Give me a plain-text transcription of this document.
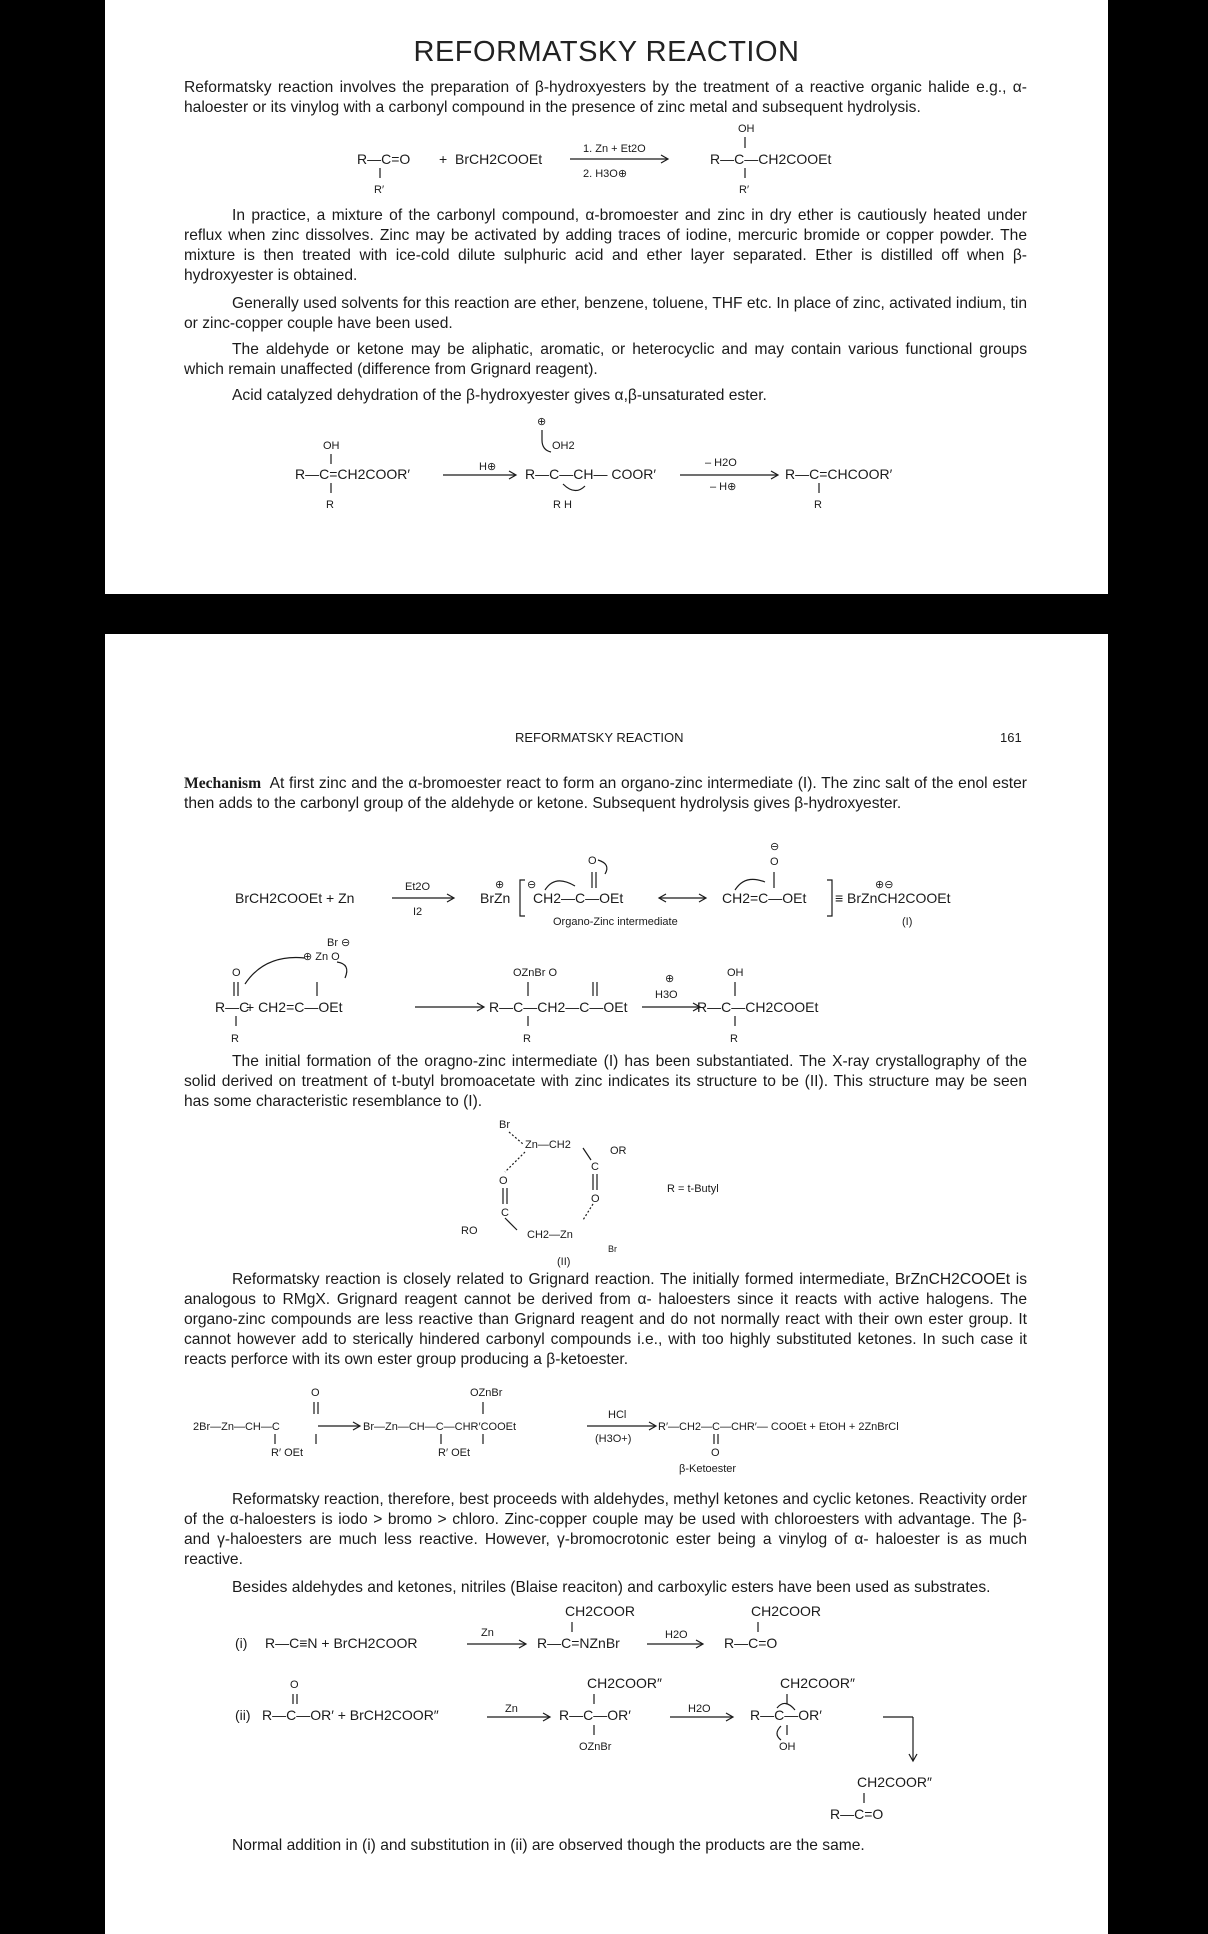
REFORMATSKY REACTION

Reformatsky reaction involves the preparation of β-hydroxyesters by the treatment of a reactive organic halide e.g., α-haloester or its vinylog with a carbonyl compound in the presence of zinc metal and subsequent hydrolysis.

R—C=O
R′
+ BrCH2COOEt
1. Zn + Et2O
2. H3O⊕
OH
R—C—CH2COOEt
R′

In practice, a mixture of the carbonyl compound, α-bromoester and zinc in dry ether is cautiously heated under reflux when zinc dissolves. Zinc may be activated by adding traces of iodine, mercuric bromide or copper powder. The mixture is then treated with ice-cold dilute sulphuric acid and ether layer separated. Ether is distilled off when β-hydroxyester is obtained.

Generally used solvents for this reaction are ether, benzene, toluene, THF etc. In place of zinc, activated indium, tin or zinc-copper couple have been used.

The aldehyde or ketone may be aliphatic, aromatic, or heterocyclic and may contain various functional groups which remain unaffected (difference from Grignard reagent).

Acid catalyzed dehydration of the β-hydroxyester gives α,β-unsaturated ester.

OH
R—C=CH2COOR′
R
H⊕
⊕
OH2
R—C—CH— COOR′
R H
– H2O
– H⊕
R—C=CHCOOR′
R
REFORMATSKY REACTION	161

Mechanism At first zinc and the α-bromoester react to form an organo-zinc intermediate (I). The zinc salt of the enol ester then adds to the carbonyl group of the aldehyde or ketone. Subsequent hydrolysis gives β-hydroxyester.

BrCH2COOEt + Zn
Et2O
I2
⊕
BrZn
⊖
O
CH2—C—OEt
⊖
O
CH2=C—OEt
⊕⊖
≡ BrZnCH2COOEt
Organo-Zinc intermediate	(I)
Br ⊖
⊕ Zn O
O
R—C
R
+ CH2=C—OEt
OZnBr O
R—C—CH2—C—OEt
R
⊕
H3O
OH
R—C—CH2COOEt
R

The initial formation of the oragno-zinc intermediate (I) has been substantiated. The X-ray crystallography of the solid derived on treatment of t-butyl bromoacetate with zinc indicates its structure to be (II). This structure may be seen has some characteristic resemblance to (I).

Br
Zn—CH2	OR
O
C
C
O
RO	CH2—Zn
Br
R = t-Butyl
(II)

Reformatsky reaction is closely related to Grignard reaction. The initially formed intermediate, BrZnCH2COOEt is analogous to RMgX. Grignard reagent cannot be derived from α- haloesters since it reacts with active halogens. The organo-zinc compounds are less reactive than Grignard reagent and do not normally react with their own ester group. It cannot however add to sterically hindered carbonyl compounds i.e., with too highly substituted ketones. In such case it reacts perforce with its own ester group producing a β-ketoester.

O
2Br—Zn—CH—C
R′ OEt
OZnBr
Br—Zn—CH—C—CHR′COOEt
R′ OEt
HCl
(H3O+)
R′—CH2—C—CHR′— COOEt + EtOH + 2ZnBrCl
O
β-Ketoester

Reformatsky reaction, therefore, best proceeds with aldehydes, methyl ketones and cyclic ketones. Reactivity order of the α-haloesters is iodo > bromo > chloro. Zinc-copper couple may be used with chloroesters with advantage. The β- and γ-haloesters are much less reactive. However, γ-bromocrotonic ester being a vinylog of α- haloester is as much reactive.

Besides aldehydes and ketones, nitriles (Blaise reaciton) and carboxylic esters have been used as substrates.

(i) R—C≡N + BrCH2COOR
Zn
CH2COOR
R—C=NZnBr	H2O
CH2COOR
R—C=O
O
(ii) R—C—OR′ + BrCH2COOR″	Zn
CH2COOR″
R—C—OR′
OZnBr
H2O
CH2COOR″
R—C—OR′
OH
CH2COOR″
R—C=O

Normal addition in (i) and substitution in (ii) are observed though the products are the same.
